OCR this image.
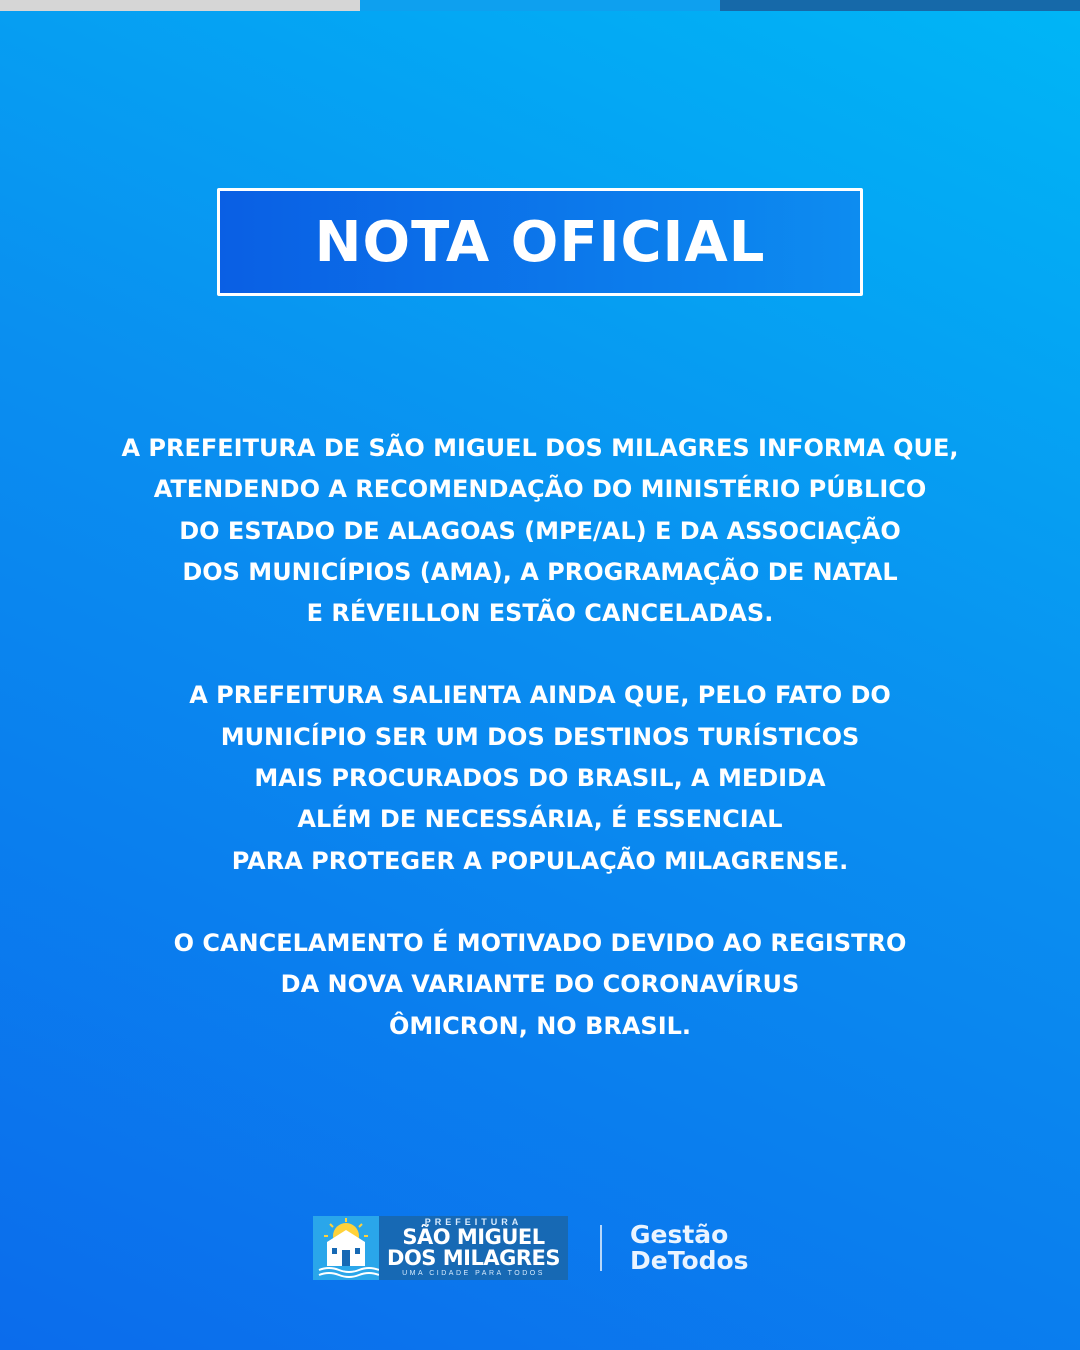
NOTA OFICIAL

A PREFEITURA DE SÃO MIGUEL DOS MILAGRES INFORMA QUE,
ATENDENDO A RECOMENDAÇÃO DO MINISTÉRIO PÚBLICO
DO ESTADO DE ALAGOAS (MPE/AL) E DA ASSOCIAÇÃO
DOS MUNICÍPIOS (AMA), A PROGRAMAÇÃO DE NATAL
E RÉVEILLON ESTÃO CANCELADAS.

A PREFEITURA SALIENTA AINDA QUE, PELO FATO DO
MUNICÍPIO SER UM DOS DESTINOS TURÍSTICOS
MAIS PROCURADOS DO BRASIL, A MEDIDA
ALÉM DE NECESSÁRIA, É ESSENCIAL
PARA PROTEGER A POPULAÇÃO MILAGRENSE.

O CANCELAMENTO É MOTIVADO DEVIDO AO REGISTRO
DA NOVA VARIANTE DO CORONAVÍRUS
ÔMICRON, NO BRASIL.

PREFEITURA
SÃO MIGUEL
DOS MILAGRES
UMA CIDADE PARA TODOS
Gestão
DeTodos
